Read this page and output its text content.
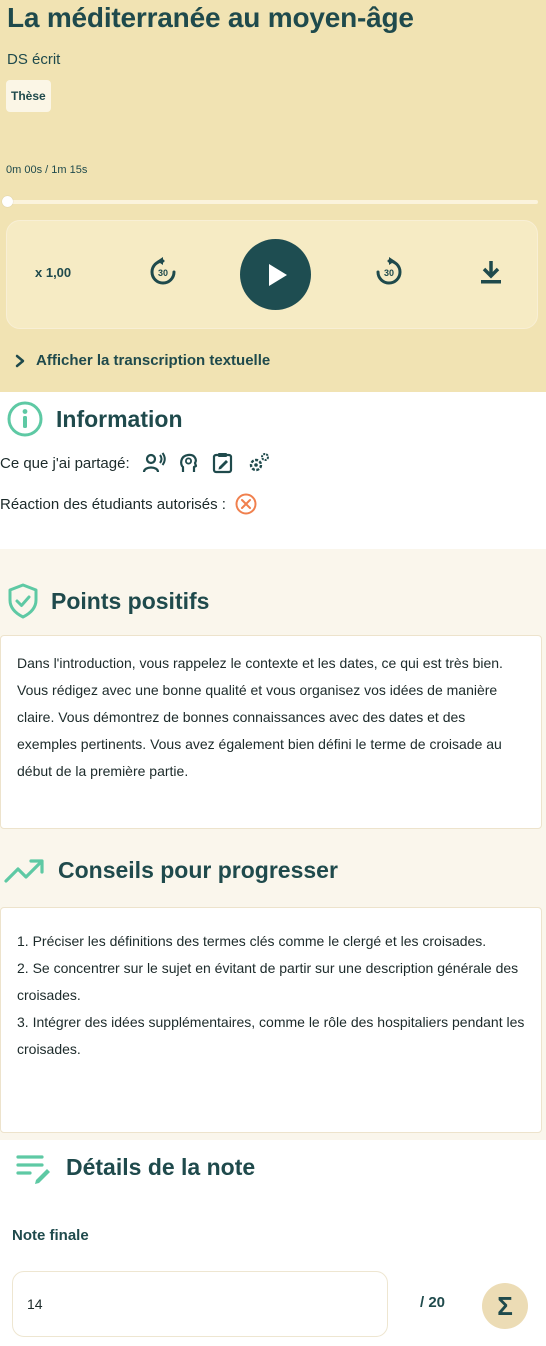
La méditerranée au moyen-âge
DS écrit
Thèse
0m 00s / 1m 15s
x 1,00	30	30
Afficher la transcription textuelle
Information
Ce que j'ai partagé:
Réaction des étudiants autorisés :
Points positifs

Dans l'introduction, vous rappelez le contexte et les dates, ce qui est très bien. Vous rédigez avec une bonne qualité et vous organisez vos idées de manière claire. Vous démontrez de bonnes connaissances avec des dates et des exemples pertinents. Vous avez également bien défini le terme de croisade au début de la première partie.

Conseils pour progresser

1. Préciser les définitions des termes clés comme le clergé et les croisades.

2. Se concentrer sur le sujet en évitant de partir sur une description générale des croisades.

3. Intégrer des idées supplémentaires, comme le rôle des hospitaliers pendant les croisades.

Détails de la note
Note finale
14
/ 20	Σ
